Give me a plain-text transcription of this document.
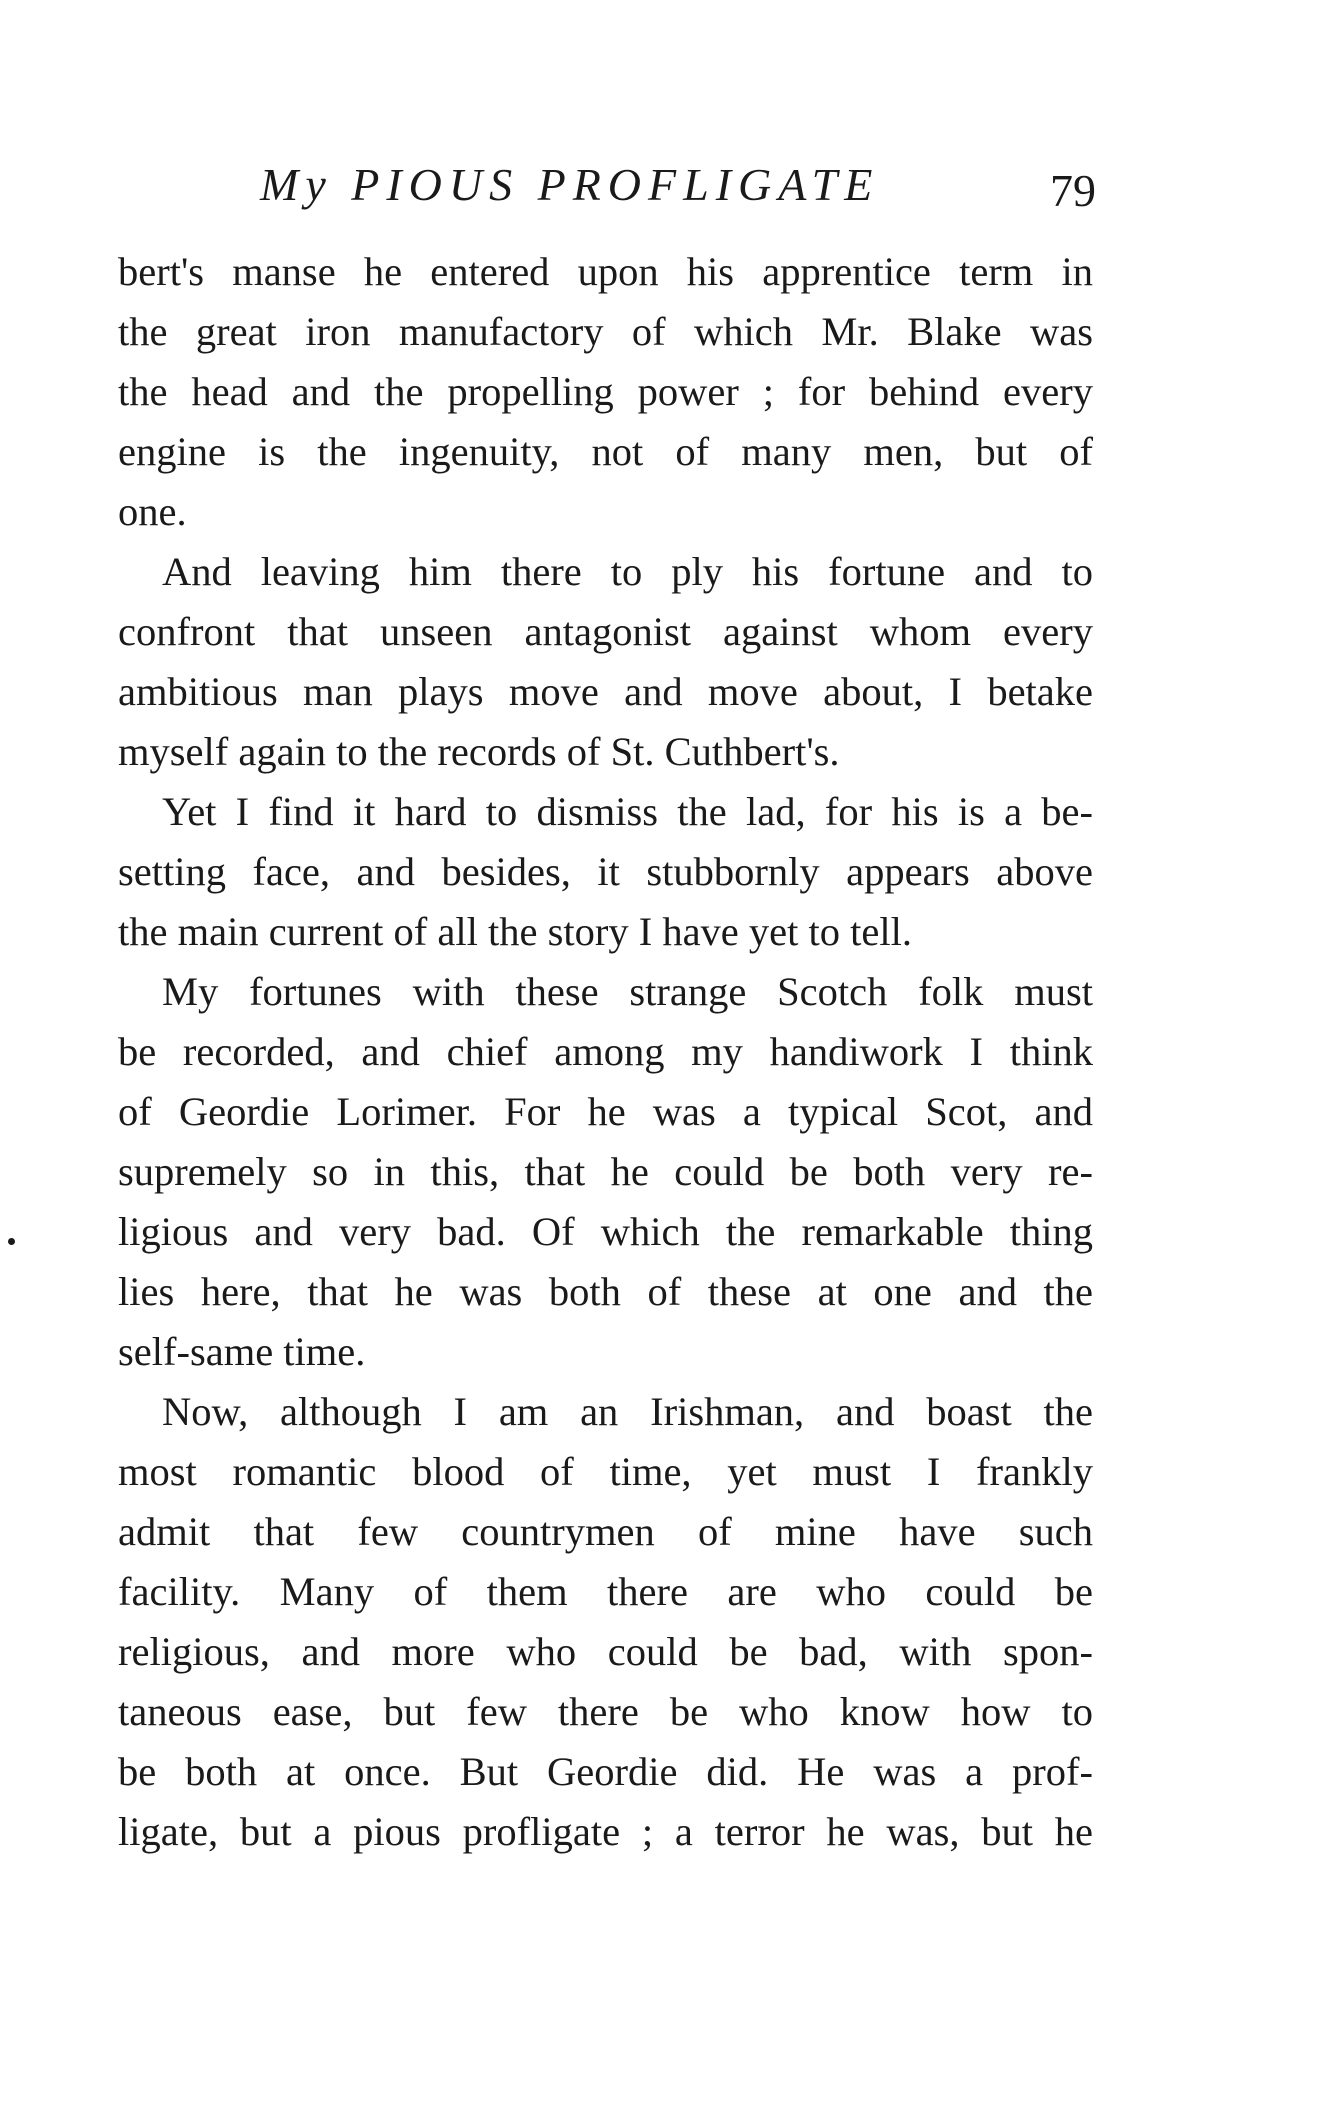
My PIOUS PROFLIGATE	79
bert's manse he entered upon his apprentice term in
the great iron manufactory of which Mr. Blake was
the head and the propelling power ; for behind every
engine is the ingenuity, not of many men, but of
one.
And leaving him there to ply his fortune and to
confront that unseen antagonist against whom every
ambitious man plays move and move about, I betake
myself again to the records of St. Cuthbert's.
Yet I find it hard to dismiss the lad, for his is a be-
setting face, and besides, it stubbornly appears above
the main current of all the story I have yet to tell.
My fortunes with these strange Scotch folk must
be recorded, and chief among my handiwork I think
of Geordie Lorimer. For he was a typical Scot, and
supremely so in this, that he could be both very re-
ligious and very bad. Of which the remarkable thing
lies here, that he was both of these at one and the
self-same time.
Now, although I am an Irishman, and boast the
most romantic blood of time, yet must I frankly
admit that few countrymen of mine have such
facility. Many of them there are who could be
religious, and more who could be bad, with spon-
taneous ease, but few there be who know how to
be both at once. But Geordie did. He was a prof-
ligate, but a pious profligate ; a terror he was, but he
